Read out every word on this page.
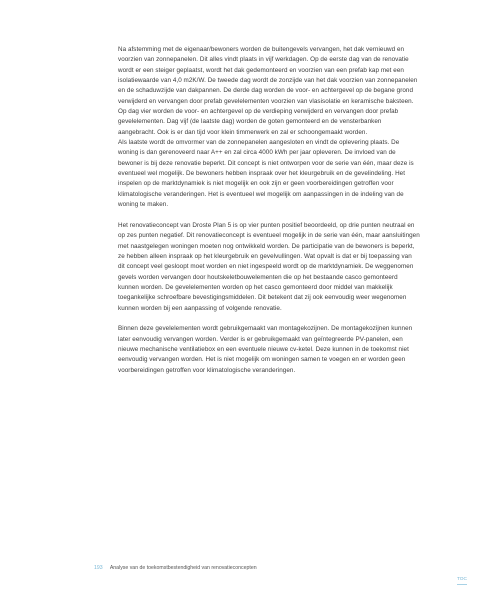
Na afstemming met de eigenaar/bewoners worden de buitengevels vervangen, het dak vernieuwd en voorzien van zonnepanelen. Dit alles vindt plaats in vijf werkdagen. Op de eerste dag van de renovatie wordt er een steiger geplaatst, wordt het dak gedemonteerd en voorzien van een prefab kap met een isolatiewaarde van 4,0 m2K/W. De tweede dag wordt de zonzijde van het dak voorzien van zonnepanelen en de schaduwzijde van dakpannen. De derde dag worden de voor- en achtergevel op de begane grond verwijderd en vervangen door prefab gevelelementen voorzien van vlasisolatie en keramische baksteen. Op dag vier worden de voor- en achtergevel op de verdieping verwijderd en vervangen door prefab gevelelementen. Dag vijf (de laatste dag) worden de goten gemonteerd en de vensterbanken aangebracht. Ook is er dan tijd voor klein timmerwerk en zal er schoongemaakt worden.

Als laatste wordt de omvormer van de zonnepanelen aangesloten en vindt de oplevering plaats. De woning is dan gerenoveerd naar A++ en zal circa 4000 kWh per jaar opleveren. De invloed van de bewoner is bij deze renovatie beperkt. Dit concept is niet ontworpen voor de serie van één, maar deze is eventueel wel mogelijk. De bewoners hebben inspraak over het kleurgebruik en de gevelindeling. Het inspelen op de marktdynamiek is niet mogelijk en ook zijn er geen voorbereidingen getroffen voor klimatologische veranderingen. Het is eventueel wel mogelijk om aanpassingen in de indeling van de woning te maken.

Het renovatieconcept van Droste Plan 5 is op vier punten positief beoordeeld, op drie punten neutraal en op zes punten negatief. Dit renovatieconcept is eventueel mogelijk in de serie van één, maar aansluitingen met naastgelegen woningen moeten nog ontwikkeld worden. De participatie van de bewoners is beperkt, ze hebben alleen inspraak op het kleurgebruik en gevelvullingen. Wat opvalt is dat er bij toepassing van dit concept veel gesloopt moet worden en niet ingespeeld wordt op de marktdynamiek. De weggenomen gevels worden vervangen door houtskeletbouwelementen die op het bestaande casco gemonteerd kunnen worden. De gevelelementen worden op het casco gemonteerd door middel van makkelijk toegankelijke schroefbare bevestigingsmiddelen. Dit betekent dat zij ook eenvoudig weer wegenomen kunnen worden bij een aanpassing of volgende renovatie.

Binnen deze gevelelementen wordt gebruikgemaakt van montagekozijnen. De montagekozijnen kunnen later eenvoudig vervangen worden. Verder is er gebruikgemaakt van geïntegreerde PV-panelen, een nieuwe mechanische ventilatiebox en een eventuele nieuwe cv-ketel. Deze kunnen in de toekomst niet eenvoudig vervangen worden. Het is niet mogelijk om woningen samen te voegen en er worden geen voorbereidingen getroffen voor klimatologische veranderingen.

193 Analyse van de toekomstbestendigheid van renovatieconcepten
TOC
